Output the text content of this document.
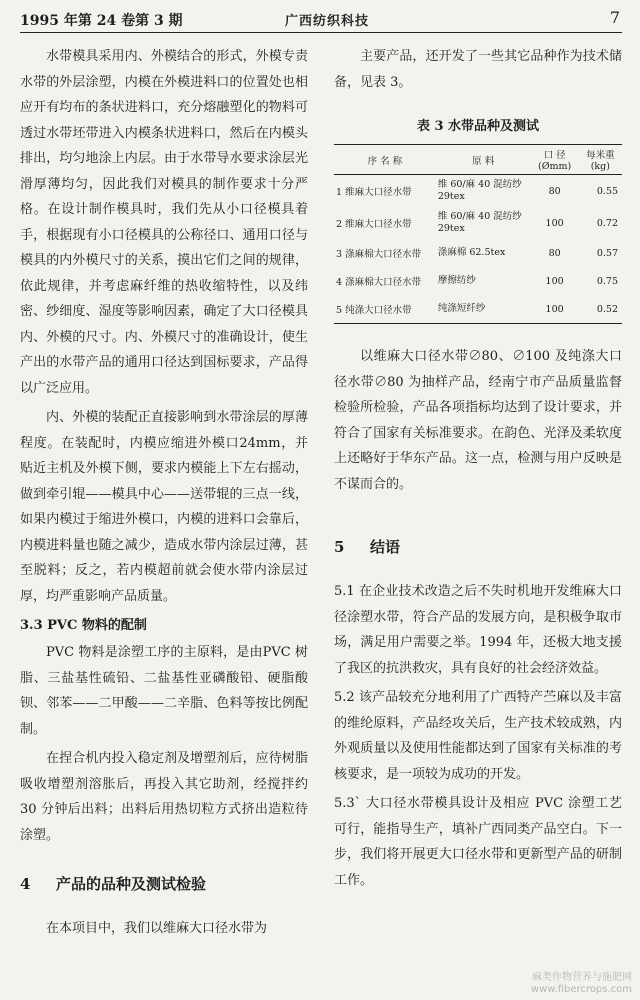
1995 年第 24 卷第 3 期	广西纺织科技	7

水带模具采用内、外模结合的形式，外模专责水带的外层涂塑，内模在外模进料口的位置处也相应开有均布的条状进料口，充分熔融塑化的物料可透过水带坯带进入内模条状进料口，然后在内模头排出，均匀地涂上内层。由于水带导水要求涂层光滑厚薄均匀，因此我们对模具的制作要求十分严格。在设计制作模具时，我们先从小口径模具着手，根据现有小口径模具的公称径口、通用口径与模具的内外模尺寸的关系，摸出它们之间的规律，依此规律，并考虑麻纤维的热收缩特性，以及纬密、纱细度、湿度等影响因素，确定了大口径模具内、外模的尺寸。内、外模尺寸的准确设计，使生产出的水带产品的通用口径达到国标要求，产品得以广泛应用。

内、外模的装配正直接影响到水带涂层的厚薄程度。在装配时，内模应缩进外模口24mm，并贴近主机及外模下侧，要求内模能上下左右摇动，做到牵引辊——模具中心——送带辊的三点一线，如果内模过于缩进外模口，内模的进料口会靠后，内模进料量也随之减少，造成水带内涂层过薄，甚至脱料；反之，若内模超前就会使水带内涂层过厚，均严重影响产品质量。

3.3 PVC 物料的配制

PVC 物料是涂塑工序的主原料，是由PVC 树脂、三盐基性硫铅、二盐基性亚磷酸铅、硬脂酸钡、邻苯——二甲酸——二辛脂、色料等按比例配制。

在捏合机内投入稳定剂及增塑剂后，应待树脂吸收增塑剂溶胀后，再投入其它助剂，经搅拌约 30 分钟后出料；出料后用热切粒方式挤出造粒待涂塑。

4 产品的品种及测试检验

在本项目中，我们以维麻大口径水带为

主要产品，还开发了一些其它品种作为技术储备，见表 3。

表 3 水带品种及测试
序 名 称	原 料	口 径 (Ømm)	每米重 (kg)
1 维麻大口径水带	维 60/麻 40 混纺纱 29tex	80	0.55
2 维麻大口径水带	维 60/麻 40 混纺纱 29tex	100	0.72
3 涤麻棉大口径水带	涤麻棉 62.5tex	80	0.57
4 涤麻棉大口径水带	摩擦纺纱	100	0.75
5 纯涤大口径水带	纯涤短纤纱	100	0.52

以维麻大口径水带∅80、∅100 及纯涤大口径水带∅80 为抽样产品，经南宁市产品质量监督检验所检验，产品各项指标均达到了设计要求，并符合了国家有关标准要求。在韵色、光泽及柔软度上还略好于华东产品。这一点，检测与用户反映是不谋而合的。

5 结语

5.1 在企业技术改造之后不失时机地开发维麻大口径涂塑水带，符合产品的发展方向，是积极争取市场，满足用户需要之举。1994 年，还极大地支援了我区的抗洪救灾，具有良好的社会经济效益。

5.2 该产品较充分地利用了广西特产苎麻以及丰富的维纶原料，产品经攻关后，生产技术较成熟，内外观质量以及使用性能都达到了国家有关标准的考核要求，是一项较为成功的开发。

5.3` 大口径水带模具设计及相应 PVC 涂塑工艺可行，能指导生产，填补广西同类产品空白。下一步，我们将开展更大口径水带和更新型产品的研制工作。

麻类作物营养与施肥网
www.fibercrops.com
